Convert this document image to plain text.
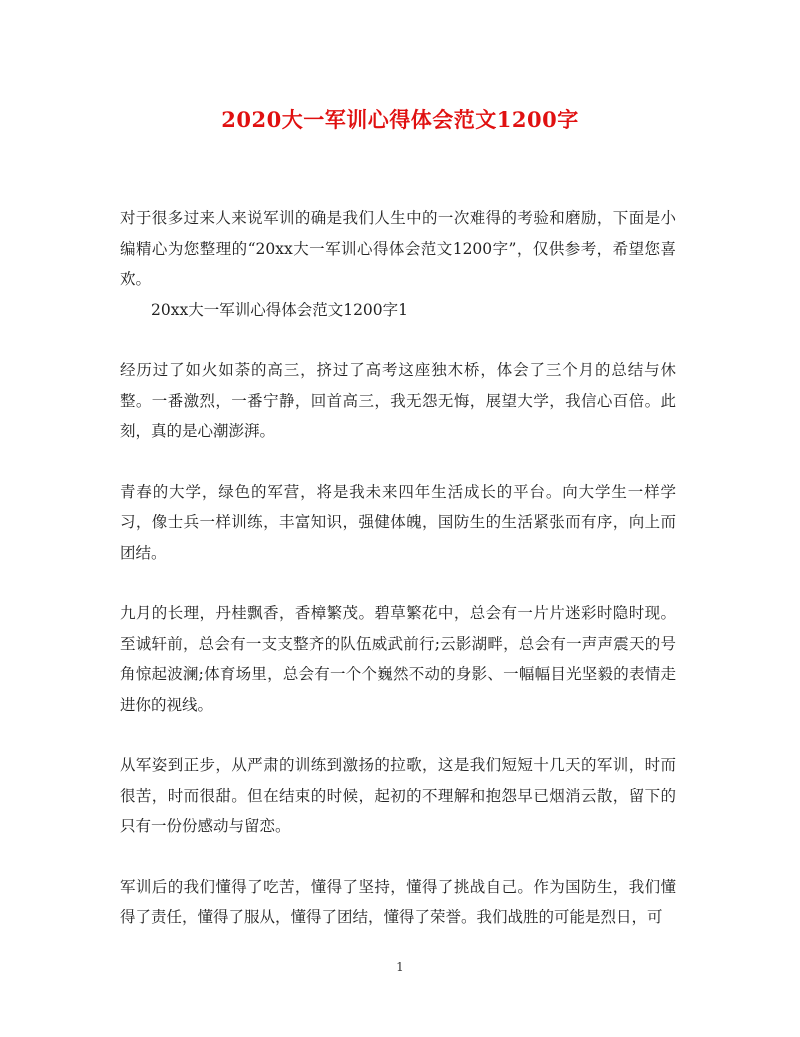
2020大一军训心得体会范文1200字

对于很多过来人来说军训的确是我们人生中的一次难得的考验和磨励，下面是小编精心为您整理的“20xx大一军训心得体会范文1200字”，仅供参考，希望您喜欢。

20xx大一军训心得体会范文1200字1

经历过了如火如荼的高三，挤过了高考这座独木桥，体会了三个月的总结与休整。一番激烈，一番宁静，回首高三，我无怨无悔，展望大学，我信心百倍。此刻，真的是心潮澎湃。

青春的大学，绿色的军营，将是我未来四年生活成长的平台。向大学生一样学习，像士兵一样训练，丰富知识，强健体魄，国防生的生活紧张而有序，向上而团结。

九月的长理，丹桂飘香，香樟繁茂。碧草繁花中，总会有一片片迷彩时隐时现。至诚轩前，总会有一支支整齐的队伍威武前行;云影湖畔，总会有一声声震天的号角惊起波澜;体育场里，总会有一个个巍然不动的身影、一幅幅目光坚毅的表情走进你的视线。

从军姿到正步，从严肃的训练到激扬的拉歌，这是我们短短十几天的军训，时而很苦，时而很甜。但在结束的时候，起初的不理解和抱怨早已烟消云散，留下的只有一份份感动与留恋。

军训后的我们懂得了吃苦，懂得了坚持，懂得了挑战自己。作为国防生，我们懂得了责任，懂得了服从，懂得了团结，懂得了荣誉。我们战胜的可能是烈日，可

1
